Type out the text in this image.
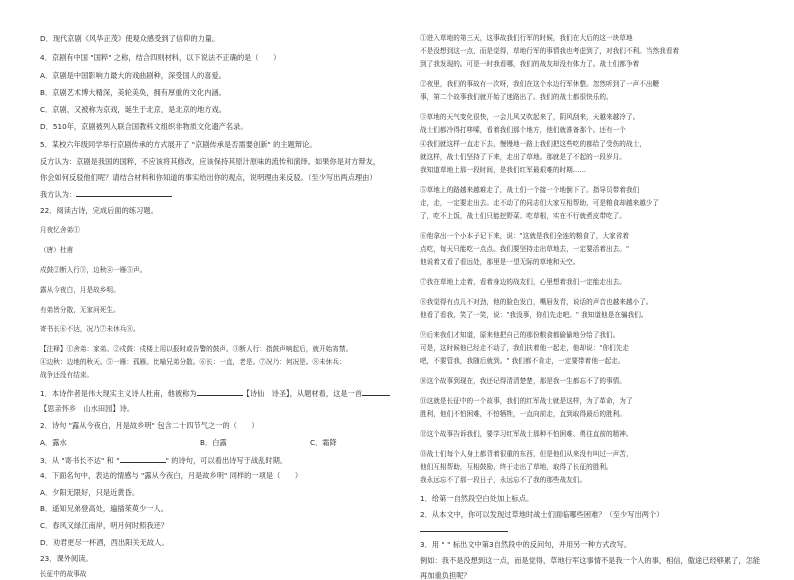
D．现代京剧《风华正茂》使观众感受到了信仰的力量。
4．京剧有中国 "国粹" 之称，结合四则材料，以下说法不正确的是（　　）
A．京剧是中国影响力最大的戏曲剧种，深受国人的喜爱。
B．京剧艺术博大精深，美轮美奂，拥有厚重的文化内涵。
C．京剧，又被称为京戏，诞生于北京，是北京的地方戏。
D．510年，京剧被列入联合国教科文组织非物质文化遗产名录。
5．某校六年级同学举行京剧传承的方式展开了 "京剧传承是否需要创新" 的主题辩论。
反方认为：京剧是我国的国粹，不应该将其修改，应该保持其原汁原味的流传和演绎。如果你是对方辩友，
你会如何反驳他们呢？请结合材料和你知道的事实给出你的观点，说明理由来反驳。（至少写出两点理由）
我方认为：
22．阅读古诗，完成后面的练习题。
月夜忆舍弟①
（唐）杜甫
戍鼓②断人行③，边秋④一雁⑤声。
露从今夜白，月是故乡明。
有弟皆分散，无家问死生。
寄书长⑥不达，况乃⑦未休兵⑧。
【注释】①舍弟：家弟。②戍鼓：戍楼上用以报时或告警的鼓声。③断人行：指鼓声响起后，就开始宵禁。
④边秋：边地的秋天。⑤一雁：孤雁。比喻兄弟分散。⑥长：一直，老是。⑦况乃：何况是。⑧未休兵：
战争还没有结束。
1．本诗作者是伟大现实主义诗人杜甫，他被称为	【诗仙　诗圣】，从题材看，这是一首
【思亲怀乡　山水田园】诗。
2．诗句 "露从今夜白，月是故乡明" 包含二十四节气之一的（　　）
A．露水	B．白露	C．霜降
3．从 "寄书长不达" 和 "	" 的诗句，可以看出诗写于战乱时期。
4．下面名句中，表达的情感与 "露从今夜白，月是故乡明" 同样的一项是（　　）
A．夕阳无限好，只是近黄昏。
B．遥知兄弟登高处，遍插茱萸少一人。
C．春风又绿江南岸，明月何时照我还？
D．劝君更尽一杯酒，西出阳关无故人。
23．课外阅读。
长征中的故事故
①进入草地的第三天，这事故我们行军的时候，我们在大后的这一块草地
不是没想到这一点，而是觉得，草地行军的事情我也考虑到了，对我们不利。当然我看着
到了我发现的。可是一时我看哪，我们的战友却没有体力了。战士们都争着
②夜里，我们的事故有一次呀，我们在这个水边行军休整。忽然听到了一声不出鞭
事，第二个故事我们就开始了迷路出了。我们的战士都很快乐的。
③草地的天气变化很快，一会儿风又吹起来了，阴风刮来，天越来越冷了。
战士们都冷得打哆嗦，看着我们那个地方，他们就准备那个。还有一个
④我们就这样一直走下去，慢慢地一路上我们把这些吃的都给了受伤的战士，
就这样，战士们坚持了下来，走出了草地。那就是了不起的一段岁月。
我知道草地上那一段时间，是我们红军最艰难的时期……
⑤草地上的路越来越难走了，战士们一个接一个地倒下了。指导员带着我们
走，走，一定要走出去。走不动了的同志们大家互相帮助，可是粮食却越来越少了
了，吃不上饭，战士们只能挖野菜、吃草根，实在不行就煮皮带吃了。
⑥他拿出一个小本子记下来，说："这就是我们全连的粮食了，大家省着
点吃，每天只能吃一点点。我们要坚持走出草地去，一定要活着出去。"
他说着又看了看远处，那里是一望无际的草地和天空。
⑦我在草地上走着，看着身边的战友们，心里想着我们一定能走出去。
⑧我觉得有点儿不对劲，他的脸色发白，嘴唇发青，说话的声音也越来越小了。
他看了看我，笑了一笑，说："我没事，你们先走吧。" 我知道他是在骗我们。
⑨后来我们才知道，原来他把自己的那份粮食都偷偷地分给了我们。
可是，这时候他已经走不动了，我们扶着他一起走，他却说："你们先走
吧，不要管我，我随后就到。" 我们都不肯走，一定要带着他一起走。
⑩这个故事到现在，我还记得清清楚楚，那是我一生都忘不了的事情。
⑪这就是长征中的一个故事，我们的红军战士就是这样，为了革命，为了
胜利，他们不怕困难，不怕牺牲，一直向前走，直到取得最后的胜利。
⑫这个故事告诉我们，要学习红军战士那种不怕困难、勇往直前的精神。
⑬战士们每个人身上都背着很重的东西，但是他们从来没有叫过一声苦，
他们互相帮助，互相鼓励，终于走出了草地，取得了长征的胜利。
我永远忘不了那一段日子，永远忘不了我的那些战友们。
1．给第一自然段空白处加上标点。
2．从本文中，你可以发现过草地时战士们面临哪些困难？（至少写出两个）
3．用 " " 标出文中第3自然段中的反问句，并用另一种方式改写。
例如：我不是没想到这一点，而是觉得，草地行军这事情不是我一个人的事，相信，傲途已经够累了，怎能
再加重负担呢？
